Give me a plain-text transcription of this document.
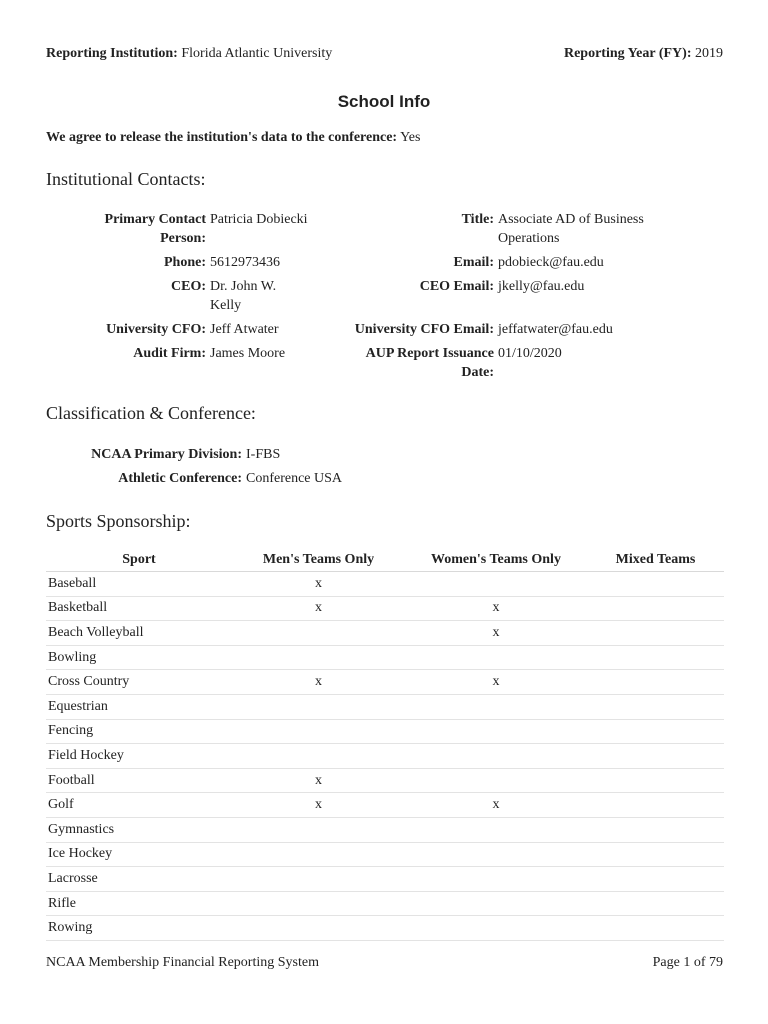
Reporting Institution: Florida Atlantic University	Reporting Year (FY): 2019
School Info
We agree to release the institution's data to the conference: Yes
Institutional Contacts:
Primary Contact Person:
Patricia Dobiecki	Title: Associate AD of Business Operations
Phone: 5612973436	Email: pdobieck@fau.edu
CEO: Dr. John W. Kelly
CEO Email: jkelly@fau.edu
University CFO: Jeff Atwater	University CFO Email: jeffatwater@fau.edu
Audit Firm: James Moore	AUP Report Issuance Date:
01/10/2020
Classification & Conference:
NCAA Primary Division: I-FBS
Athletic Conference: Conference USA
Sports Sponsorship:
Sport	Men's Teams Only	Women's Teams Only	Mixed Teams
Baseball	x		
Basketball	x	x	
Beach Volleyball		x	
Bowling			
Cross Country	x	x	
Equestrian			
Fencing			
Field Hockey			
Football	x		
Golf	x	x	
Gymnastics			
Ice Hockey			
Lacrosse			
Rifle			
Rowing			
NCAA Membership Financial Reporting System	Page 1 of 79
